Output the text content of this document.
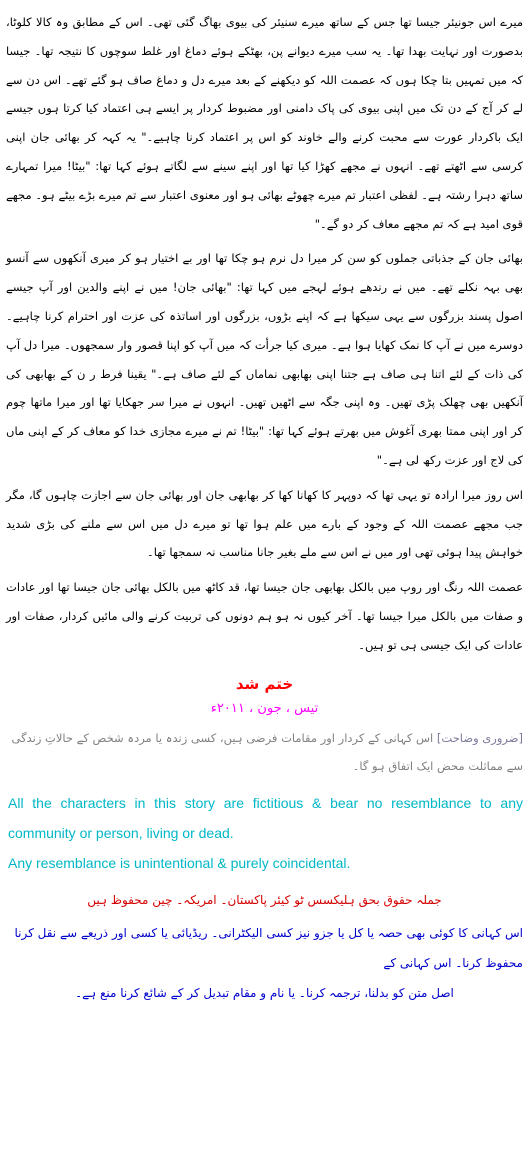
میرے اس جونیئر جیسا تھا جس کے ساتھ میرے سنیئر کی بیوی بھاگ گئی تھی۔ اس کے مطابق وہ کالا کلوٹا، بدصورت اور نہایت بھدا تھا۔ یہ سب میرے دیوانے پن، بھٹکے ہوئے دماغ اور غلط سوچوں کا نتیجہ تھا۔ جیسا کہ میں تمہیں بتا چکا ہوں کہ عصمت اللہ کو دیکھنے کے بعد میرے دل و دماغ صاف ہو گئے تھے۔ اس دن سے لے کر آج کے دن تک میں اپنی بیوی کی پاک دامنی اور مضبوط کردار پر ایسے ہی اعتماد کیا کرتا ہوں جیسے ایک باکردار عورت سے محبت کرنے والے خاوند کو اس پر اعتماد کرنا چاہیے۔" یہ کہہ کر بھائی جان اپنی کرسی سے اٹھتے تھے۔ انہوں نے مجھے کھڑا کیا تھا اور اپنے سینے سے لگاتے ہوئے کہا تھا: "بیٹا! میرا تمہارے ساتھ دہرا رشتہ ہے۔ لفظی اعتبار تم میرے چھوٹے بھائی ہو اور معنوی اعتبار سے تم میرے بڑے بیٹے ہو۔ مجھے قوی امید ہے کہ تم مجھے معاف کر دو گے۔"

بھائی جان کے جذباتی جملوں کو سن کر میرا دل نرم ہو چکا تھا اور بے اختیار ہو کر میری آنکھوں سے آنسو بھی بہہ نکلے تھے۔ میں نے رندھے ہوئے لہجے میں کہا تھا: "بھائی جان! میں نے اپنے والدین اور آپ جیسے اصول پسند بزرگوں سے یہی سیکھا ہے کہ اپنے بڑوں، بزرگوں اور اساتذہ کی عزت اور احترام کرنا چاہیے۔ دوسرے میں نے آپ کا نمک کھایا ہوا ہے۔ میری کیا جرأت کہ میں آپ کو اپنا قصور وار سمجھوں۔ میرا دل آپ کی ذات کے لئے اتنا ہی صاف ہے جتنا اپنی بھابھی نماماں کے لئے صاف ہے۔" یقینا فرط ر ن کے بھابھی کی آنکھیں بھی چھلک پڑی تھیں۔ وہ اپنی جگہ سے اٹھیں تھیں۔ انہوں نے میرا سر جھکایا تھا اور میرا ماتھا چوم کر اور اپنی ممتا بھری آغوش میں بھرتے ہوئے کہا تھا: "بیٹا! تم نے میرے مجازی خدا کو معاف کر کے اپنی ماں کی لاج اور عزت رکھ لی ہے۔"

اس روز میرا ارادہ تو یہی تھا کہ دوپہر کا کھانا کھا کر بھابھی جان اور بھائی جان سے اجازت چاہوں گا، مگر جب مجھے عصمت اللہ کے وجود کے بارے میں علم ہوا تھا تو میرے دل میں اس سے ملنے کی بڑی شدید خواہش پیدا ہوئی تھی اور میں نے اس سے ملے بغیر جانا مناسب نہ سمجھا تھا۔

عصمت اللہ رنگ اور روپ میں بالکل بھابھی جان جیسا تھا، قد کاٹھ میں بالکل بھائی جان جیسا تھا اور عادات و صفات میں بالکل میرا جیسا تھا۔ آخر کیوں نہ ہو ہم دونوں کی تربیت کرنے والی مائیں کردار، صفات اور عادات کی ایک جیسی ہی تو ہیں۔

ختم شد
تیس ، جون ، ۲۰۱۱ء
[ضروری وضاحت] اس کہانی کے کردار اور مقامات فرضی ہیں، کسی زندہ یا مردہ شخص کے حالاتِ زندگی سے مماثلت محض ایک اتفاق ہو گا۔

All the characters in this story are fictitious & bear no resemblance to any community or person, living or dead.

Any resemblance is unintentional & purely coincidental.

جملہ حقوق بحق ہلیکسس ٹو کیئر پاکستان۔ امریکہ۔ چین محفوظ ہیں

اس کہانی کا کوئی بھی حصہ یا کل یا جزو نیز کسی الیکٹرانی۔ ریڈیائی یا کسی اور ذریعے سے نقل کرنا محفوظ کرنا۔ اس کہانی کے

اصل متن کو بدلنا، ترجمہ کرنا۔ یا نام و مقام تبدیل کر کے شائع کرنا منع ہے۔
